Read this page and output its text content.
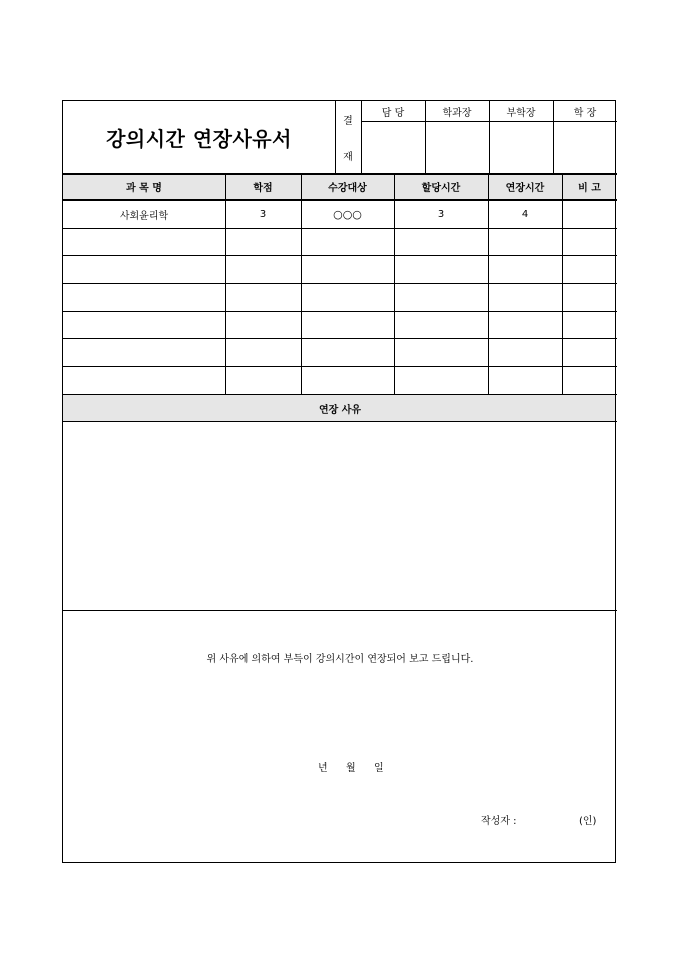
강의시간 연장사유서
결
재
담 당	학과장	부학장	학 장
과 목 명	학점	수강대상	할당시간	연장시간	비 고
사회윤리학	3	○○○	3	4
연장 사유
위 사유에 의하여 부득이 강의시간이 연장되어 보고 드립니다.
년 월 일
작성자 :	(인)
